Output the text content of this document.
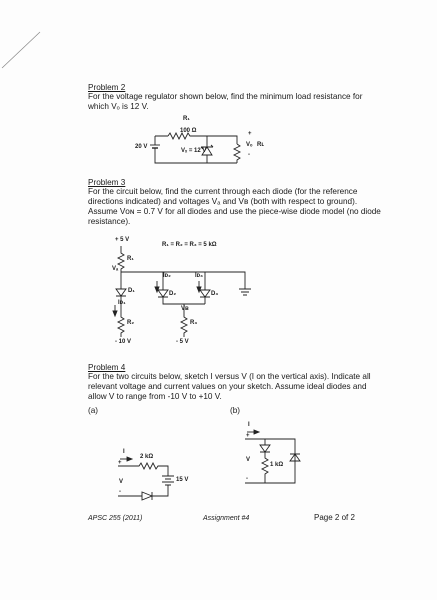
Problem 2
For the voltage regulator shown below, find the minimum load resistance for
which Vₒ is 12 V.
R₁
100 Ω
20 V
Vₓ = 12 V
+
Vₒ
-
Rʟ
Problem 3
For the circuit below, find the current through each diode (for the reference
directions indicated) and voltages Vₐ and Vʙ (both with respect to ground).
Assume Vᴏɴ = 0.7 V for all diodes and use the piece-wise diode model (no diode
resistance).
+ 5 V
R₁ = R₂ = R₃ = 5 kΩ
R₁
Vₐ
Iᴅ₂	Iᴅ₃
D₁	D₂	D₃
Iᴅ₁
Vʙ
R₂	R₃
- 10 V	- 5 V
Problem 4
For the two circuits below, sketch I versus V (I on the vertical axis). Indicate all
relevant voltage and current values on your sketch. Assume ideal diodes and
allow V to range from -10 V to +10 V.
(a)	(b)
I
+
2 kΩ
V	15 V
-
I
+
V
1 kΩ
-
APSC 255 (2011)	Assignment #4	Page 2 of 2
